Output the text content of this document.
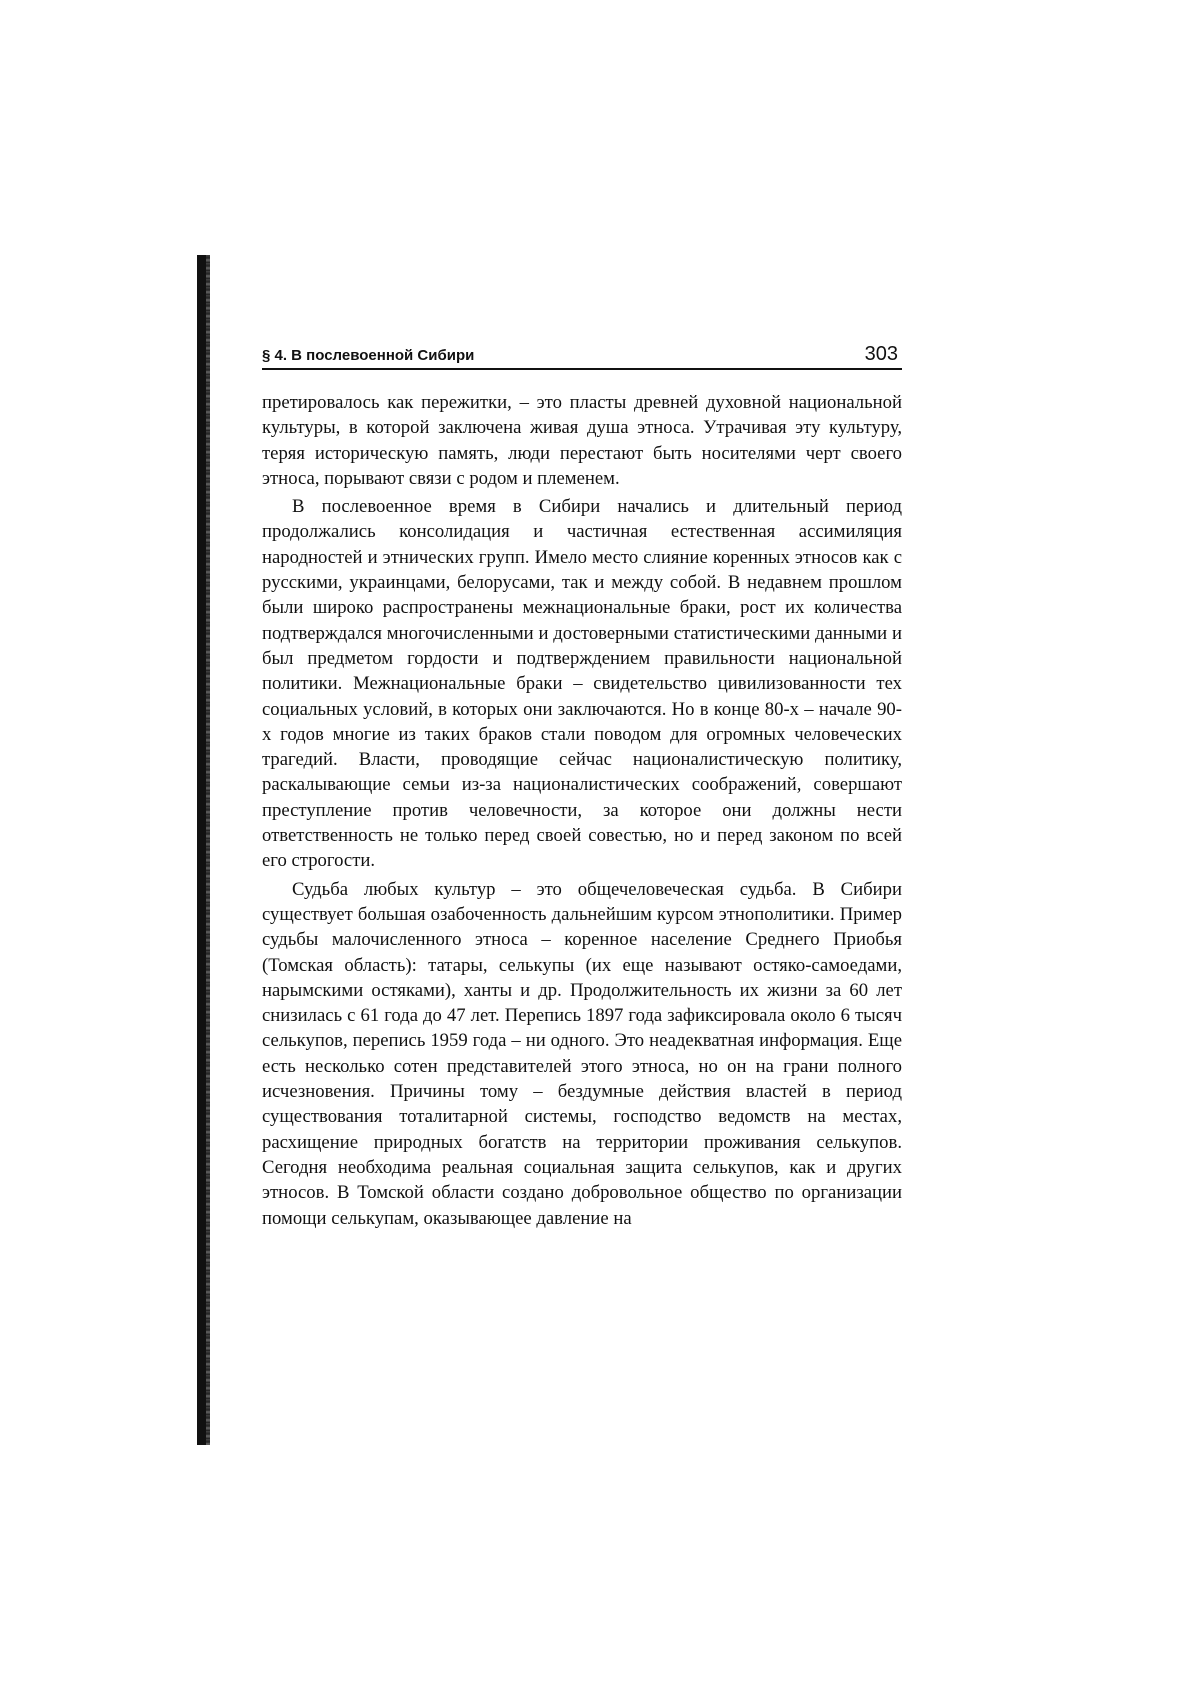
§ 4. В послевоенной Сибири	303

претировалось как пережитки, – это пласты древней духовной национальной культуры, в которой заключена живая душа этноса. Утрачивая эту культуру, теряя историческую память, люди перестают быть носителями черт своего этноса, порывают связи с родом и племенем.

В послевоенное время в Сибири начались и длительный период продолжались консолидация и частичная естественная ассимиляция народностей и этнических групп. Имело место слияние коренных этносов как с русскими, украинцами, белорусами, так и между собой. В недавнем прошлом были широко распространены межнациональные браки, рост их количества подтверждался многочисленными и достоверными статистическими данными и был предметом гордости и подтверждением правильности национальной политики. Межнациональные браки – свидетельство цивилизованности тех социальных условий, в которых они заключаются. Но в конце 80-х – начале 90-х годов многие из таких браков стали поводом для огромных человеческих трагедий. Власти, проводящие сейчас националистическую политику, раскалывающие семьи из-за националистических соображений, совершают преступление против человечности, за которое они должны нести ответственность не только перед своей совестью, но и перед законом по всей его строгости.

Судьба любых культур – это общечеловеческая судьба. В Сибири существует большая озабоченность дальнейшим курсом этнополитики. Пример судьбы малочисленного этноса – коренное население Среднего Приобья (Томская область): татары, селькупы (их еще называют остяко-самоедами, нарымскими остяками), ханты и др. Продолжительность их жизни за 60 лет снизилась с 61 года до 47 лет. Перепись 1897 года зафиксировала около 6 тысяч селькупов, перепись 1959 года – ни одного. Это неадекватная информация. Еще есть несколько сотен представителей этого этноса, но он на грани полного исчезновения. Причины тому – бездумные действия властей в период существования тоталитарной системы, господство ведомств на местах, расхищение природных богатств на территории проживания селькупов. Сегодня необходима реальная социальная защита селькупов, как и других этносов. В Томской области создано добровольное общество по организации помощи селькупам, оказывающее давление на
